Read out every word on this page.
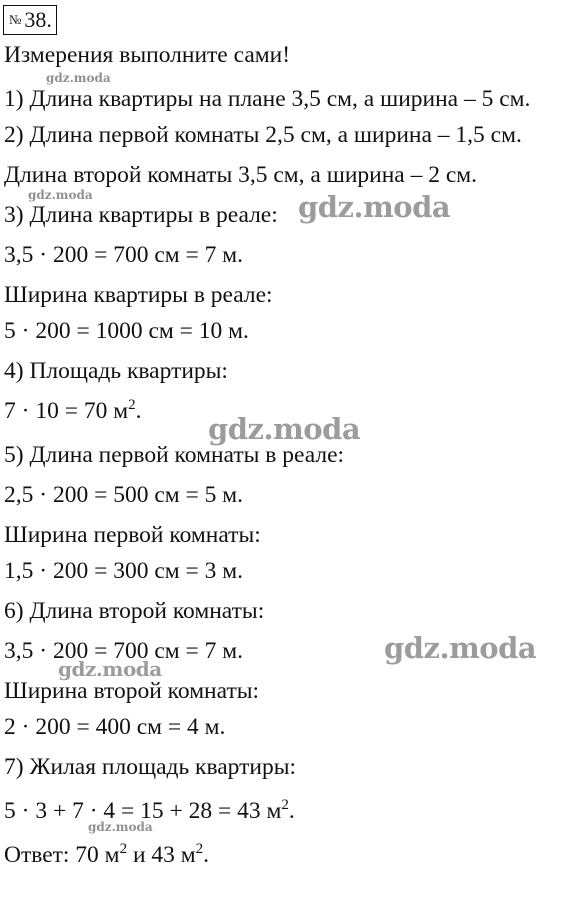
№ 38.
Измерения выполните сами!
1) Длина квартиры на плане 3,5 см, а ширина – 5 см.
2) Длина первой комнаты 2,5 см, а ширина – 1,5 см.
Длина второй комнаты 3,5 см, а ширина – 2 см.
3) Длина квартиры в реале:
3,5 · 200 = 700 см = 7 м.
Ширина квартиры в реале:
5 · 200 = 1000 см = 10 м.
4) Площадь квартиры:
7 · 10 = 70 $м^2$.
5) Длина первой комнаты в реале:
2,5 · 200 = 500 см = 5 м.
Ширина первой комнаты:
1,5 · 200 = 300 см = 3 м.
6) Длина второй комнаты:
3,5 · 200 = 700 см = 7 м.
Ширина второй комнаты:
2 · 200 = 400 см = 4 м.
7) Жилая площадь квартиры:
5 · 3 + 7 · 4 = 15 + 28 = 43 $м^2$.
Ответ: 70 $м^2$ и 43 $м^2$.
gdz.moda
gdz.moda	gdz.moda
gdz.moda
gdz.moda
gdz.moda
gdz.moda
